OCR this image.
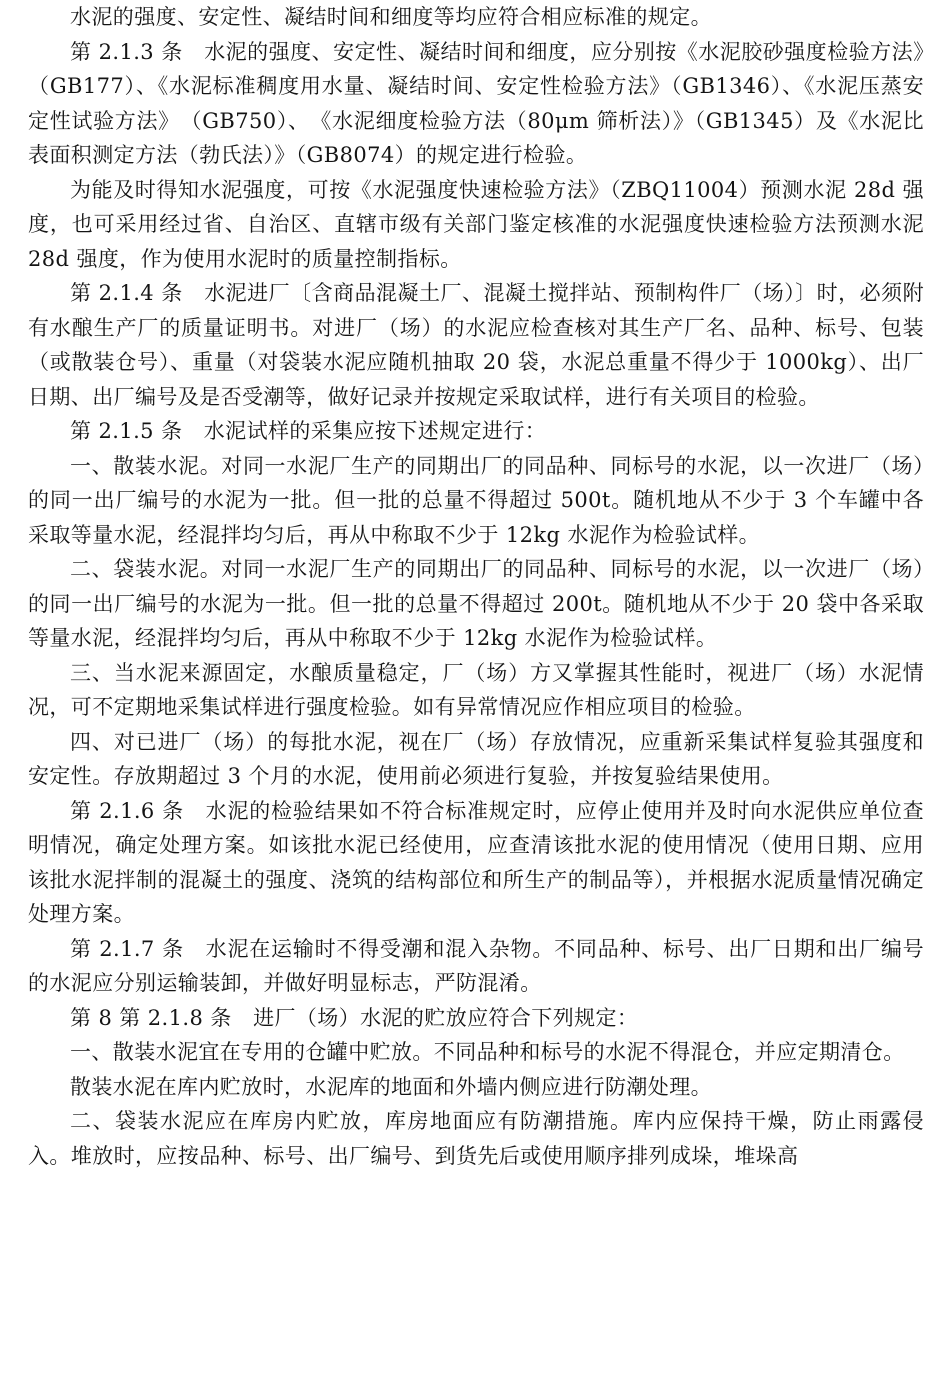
水泥的强度、安定性、凝结时间和细度等均应符合相应标准的规定。

第 2.1.3 条　水泥的强度、安定性、凝结时间和细度，应分别按《水泥胶砂强度检验方法》（GB177）、《水泥标准稠度用水量、凝结时间、安定性检验方法》（GB1346）、《水泥压蒸安定性试验方法》　（GB750）、　《水泥细度检验方法（80μm 筛析法）》（GB1345）及《水泥比表面积测定方法（勃氏法）》（GB8074）的规定进行检验。

为能及时得知水泥强度，可按《水泥强度快速检验方法》（ZBQ11004）预测水泥 28d 强度，也可采用经过省、自治区、直辖市级有关部门鉴定核准的水泥强度快速检验方法预测水泥 28d 强度，作为使用水泥时的质量控制指标。

第 2.1.4 条　水泥进厂〔含商品混凝土厂、混凝土搅拌站、预制构件厂（场）〕时，必须附有水酿生产厂的质量证明书。对进厂（场）的水泥应检查核对其生产厂名、品种、标号、包装（或散装仓号）、重量（对袋装水泥应随机抽取 20 袋，水泥总重量不得少于 1000kg）、出厂日期、出厂编号及是否受潮等，做好记录并按规定采取试样，进行有关项目的检验。

第 2.1.5 条　水泥试样的采集应按下述规定进行：

一、散装水泥。对同一水泥厂生产的同期出厂的同品种、同标号的水泥，以一次进厂（场）的同一出厂编号的水泥为一批。但一批的总量不得超过 500t。随机地从不少于 3 个车罐中各采取等量水泥，经混拌均匀后，再从中称取不少于 12kg 水泥作为检验试样。

二、袋装水泥。对同一水泥厂生产的同期出厂的同品种、同标号的水泥，以一次进厂（场）的同一出厂编号的水泥为一批。但一批的总量不得超过 200t。随机地从不少于 20 袋中各采取等量水泥，经混拌均匀后，再从中称取不少于 12kg 水泥作为检验试样。

三、当水泥来源固定，水酿质量稳定，厂（场）方又掌握其性能时，视进厂（场）水泥情况，可不定期地采集试样进行强度检验。如有异常情况应作相应项目的检验。

四、对已进厂（场）的每批水泥，视在厂（场）存放情况，应重新采集试样复验其强度和安定性。存放期超过 3 个月的水泥，使用前必须进行复验，并按复验结果使用。

第 2.1.6 条　水泥的检验结果如不符合标准规定时，应停止使用并及时向水泥供应单位查明情况，确定处理方案。如该批水泥已经使用，应查清该批水泥的使用情况（使用日期、应用该批水泥拌制的混凝土的强度、浇筑的结构部位和所生产的制品等），并根据水泥质量情况确定处理方案。

第 2.1.7 条　水泥在运输时不得受潮和混入杂物。不同品种、标号、出厂日期和出厂编号的水泥应分别运输装卸，并做好明显标志，严防混淆。

第 8 第 2.1.8 条　进厂（场）水泥的贮放应符合下列规定：

一、散装水泥宜在专用的仓罐中贮放。不同品种和标号的水泥不得混仓，并应定期清仓。

散装水泥在库内贮放时，水泥库的地面和外墙内侧应进行防潮处理。

二、袋装水泥应在库房内贮放，库房地面应有防潮措施。库内应保持干燥，防止雨露侵入。堆放时，应按品种、标号、出厂编号、到货先后或使用顺序排列成垛，堆垛高
